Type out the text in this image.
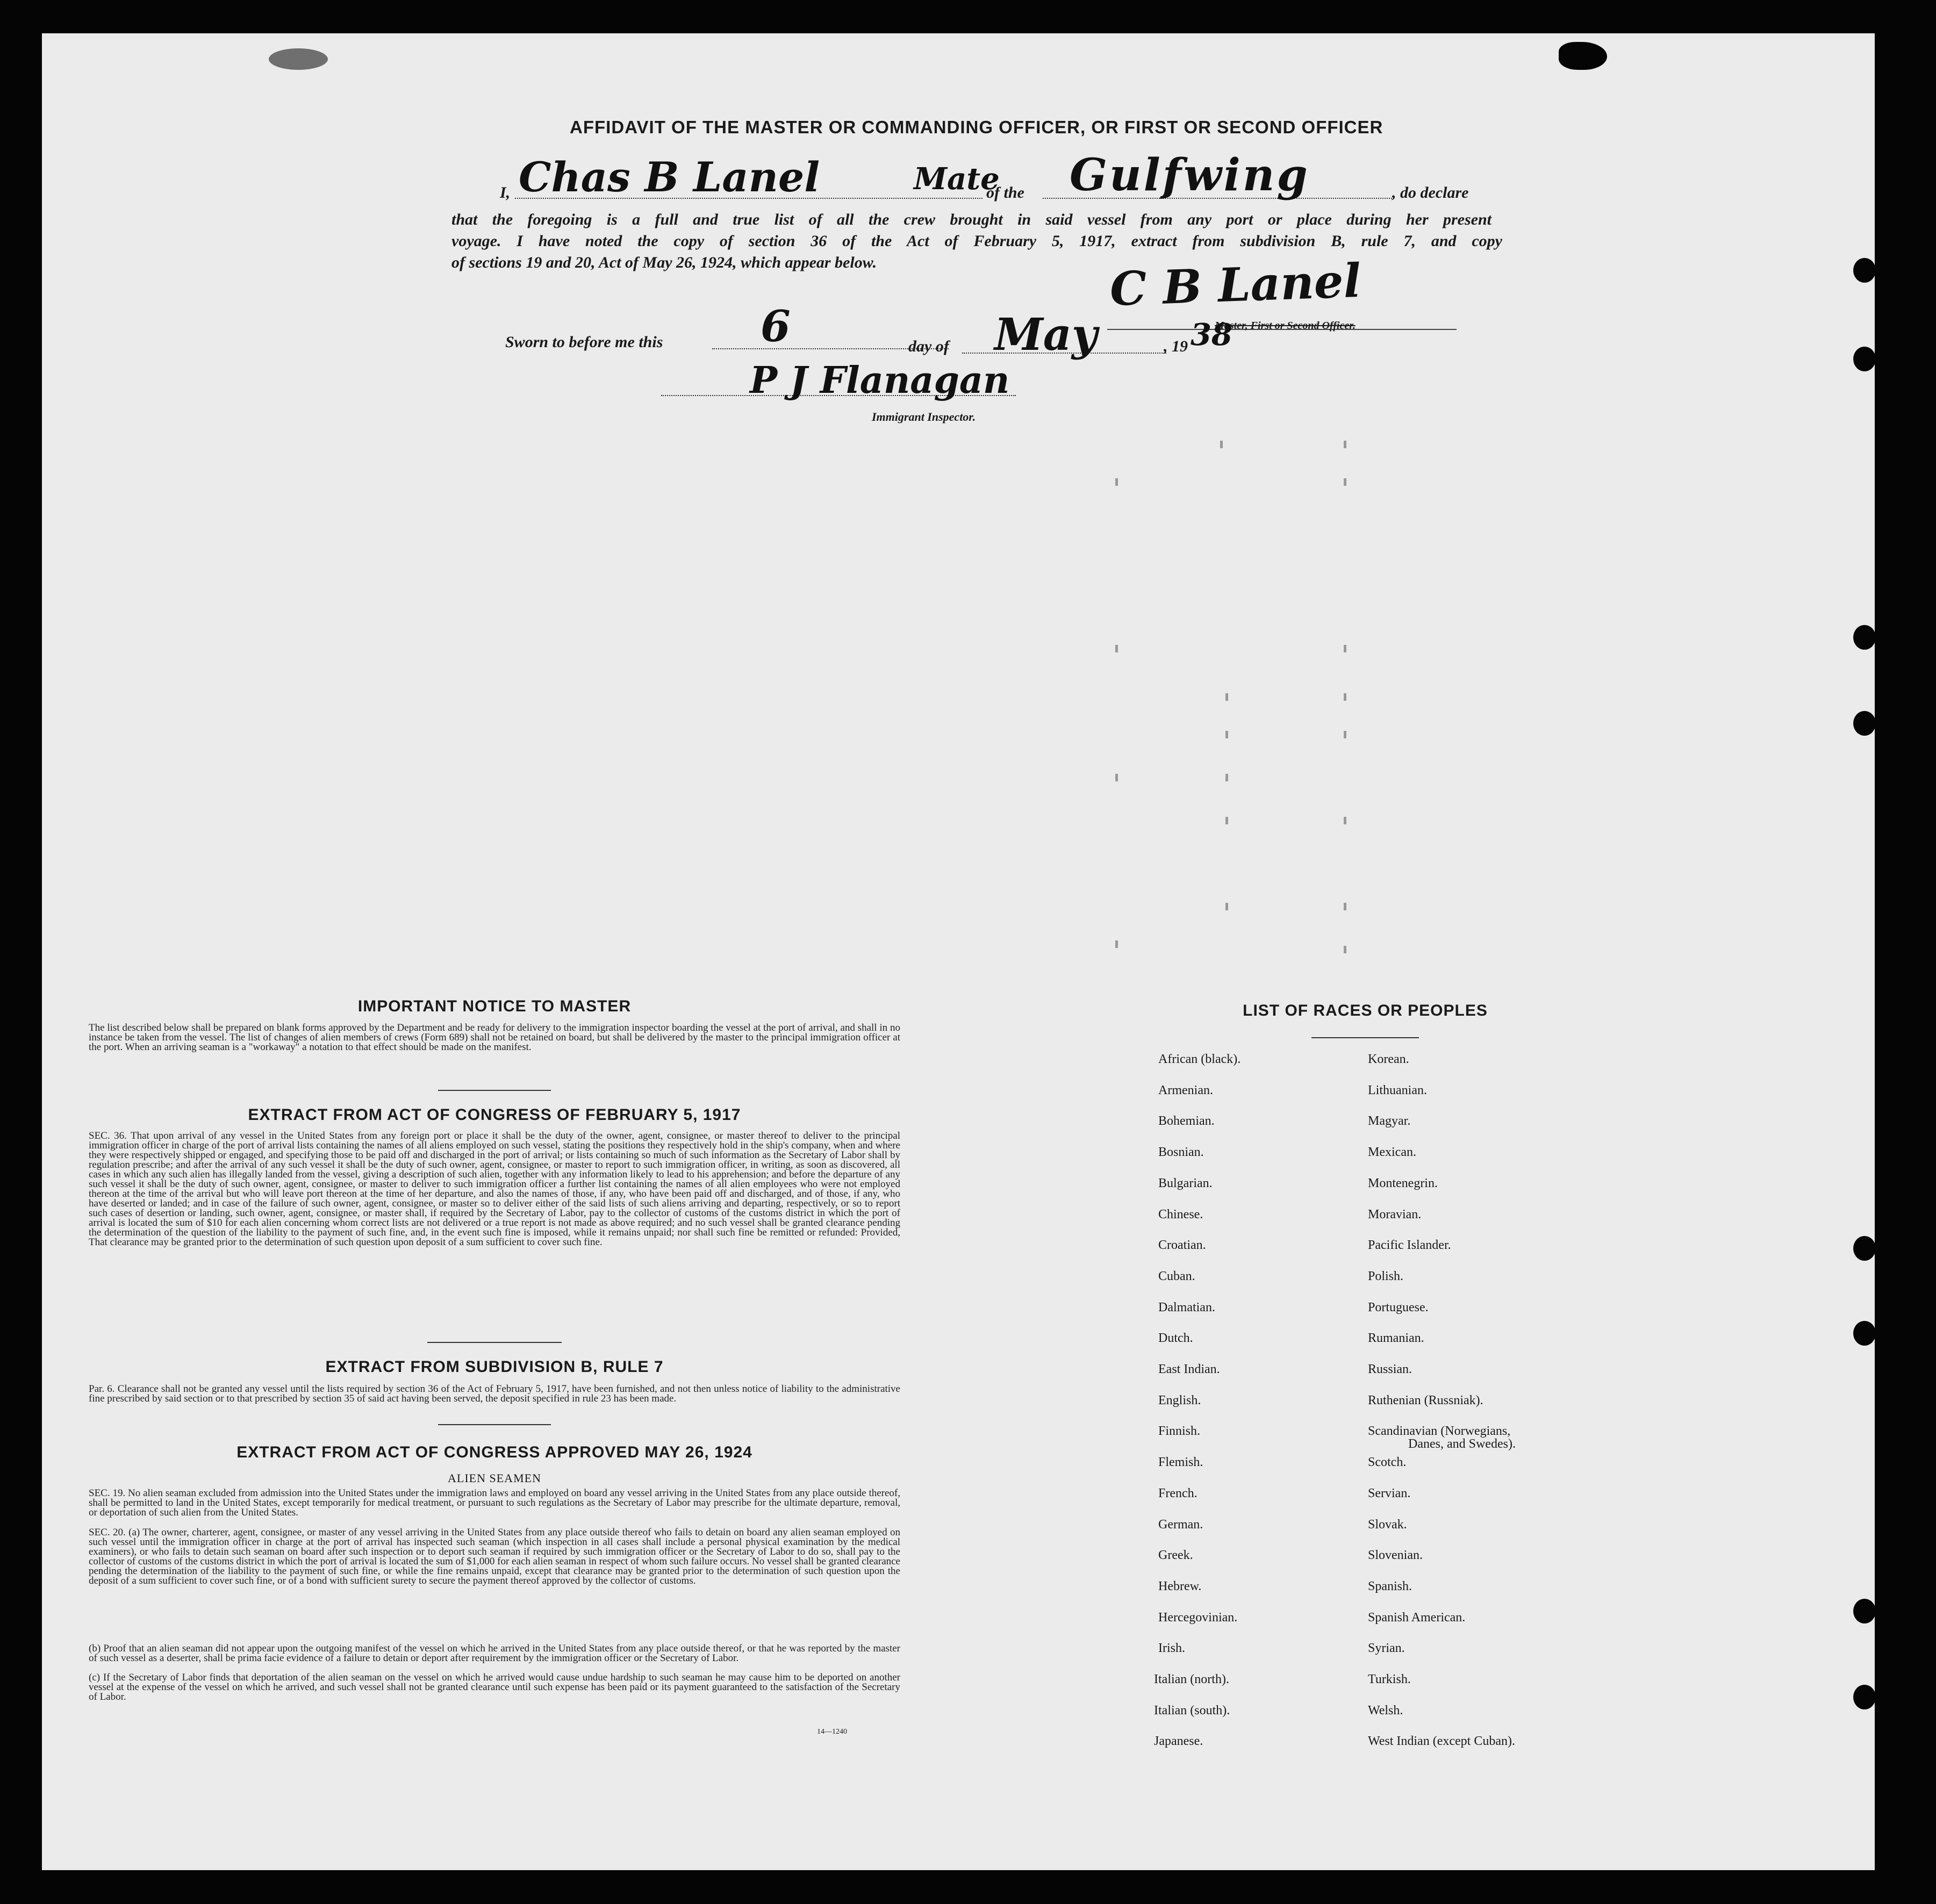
AFFIDAVIT OF THE MASTER OR COMMANDING OFFICER, OR FIRST OR SECOND OFFICER
I, Chas B Lanel	Mate
of the Gulfwing	, do declare
that the foregoing is a full and true list of all the crew brought in said vessel from any port or place during her present
voyage. I have noted the copy of section 36 of the Act of February 5, 1917, extract from subdivision B, rule 7, and copy
of sections 19 and 20, Act of May 26, 1924, which appear below.	C B Lanel
Master, First or Second Officer.
Sworn to before me this 6	day of May	, 19 38
P J Flanagan
Immigrant Inspector.
IMPORTANT NOTICE TO MASTER
The list described below shall be prepared on blank forms approved by the Department and be ready for delivery to the immigration inspector boarding the vessel at the port of arrival, and shall in no instance be taken from the vessel. The list of changes of alien members of crews (Form 689) shall not be retained on board, but shall be delivered by the master to the principal immigration officer at the port. When an arriving seaman is a "workaway" a notation to that effect should be made on the manifest.
EXTRACT FROM ACT OF CONGRESS OF FEBRUARY 5, 1917
SEC. 36. That upon arrival of any vessel in the United States from any foreign port or place it shall be the duty of the owner, agent, consignee, or master thereof to deliver to the principal immigration officer in charge of the port of arrival lists containing the names of all aliens employed on such vessel, stating the positions they respectively hold in the ship's company, when and where they were respectively shipped or engaged, and specifying those to be paid off and discharged in the port of arrival; or lists containing so much of such information as the Secretary of Labor shall by regulation prescribe; and after the arrival of any such vessel it shall be the duty of such owner, agent, consignee, or master to report to such immigration officer, in writing, as soon as discovered, all cases in which any such alien has illegally landed from the vessel, giving a description of such alien, together with any information likely to lead to his apprehension; and before the departure of any such vessel it shall be the duty of such owner, agent, consignee, or master to deliver to such immigration officer a further list containing the names of all alien employees who were not employed thereon at the time of the arrival but who will leave port thereon at the time of her departure, and also the names of those, if any, who have been paid off and discharged, and of those, if any, who have deserted or landed; and in case of the failure of such owner, agent, consignee, or master so to deliver either of the said lists of such aliens arriving and departing, respectively, or so to report such cases of desertion or landing, such owner, agent, consignee, or master shall, if required by the Secretary of Labor, pay to the collector of customs of the customs district in which the port of arrival is located the sum of $10 for each alien concerning whom correct lists are not delivered or a true report is not made as above required; and no such vessel shall be granted clearance pending the determination of the question of the liability to the payment of such fine, and, in the event such fine is imposed, while it remains unpaid; nor shall such fine be remitted or refunded: Provided, That clearance may be granted prior to the determination of such question upon deposit of a sum sufficient to cover such fine.
EXTRACT FROM SUBDIVISION B, RULE 7
Par. 6. Clearance shall not be granted any vessel until the lists required by section 36 of the Act of February 5, 1917, have been furnished, and not then unless notice of liability to the administrative fine prescribed by said section or to that prescribed by section 35 of said act having been served, the deposit specified in rule 23 has been made.
EXTRACT FROM ACT OF CONGRESS APPROVED MAY 26, 1924
ALIEN SEAMEN
SEC. 19. No alien seaman excluded from admission into the United States under the immigration laws and employed on board any vessel arriving in the United States from any place outside thereof, shall be permitted to land in the United States, except temporarily for medical treatment, or pursuant to such regulations as the Secretary of Labor may prescribe for the ultimate departure, removal, or deportation of such alien from the United States.
SEC. 20. (a) The owner, charterer, agent, consignee, or master of any vessel arriving in the United States from any place outside thereof who fails to detain on board any alien seaman employed on such vessel until the immigration officer in charge at the port of arrival has inspected such seaman (which inspection in all cases shall include a personal physical examination by the medical examiners), or who fails to detain such seaman on board after such inspection or to deport such seaman if required by such immigration officer or the Secretary of Labor to do so, shall pay to the collector of customs of the customs district in which the port of arrival is located the sum of $1,000 for each alien seaman in respect of whom such failure occurs. No vessel shall be granted clearance pending the determination of the liability to the payment of such fine, or while the fine remains unpaid, except that clearance may be granted prior to the determination of such question upon the deposit of a sum sufficient to cover such fine, or of a bond with sufficient surety to secure the payment thereof approved by the collector of customs.
(b) Proof that an alien seaman did not appear upon the outgoing manifest of the vessel on which he arrived in the United States from any place outside thereof, or that he was reported by the master of such vessel as a deserter, shall be prima facie evidence of a failure to detain or deport after requirement by the immigration officer or the Secretary of Labor.
(c) If the Secretary of Labor finds that deportation of the alien seaman on the vessel on which he arrived would cause undue hardship to such seaman he may cause him to be deported on another vessel at the expense of the vessel on which he arrived, and such vessel shall not be granted clearance until such expense has been paid or its payment guaranteed to the satisfaction of the Secretary of Labor.
14—1240
LIST OF RACES OR PEOPLES
African (black).
Armenian.
Bohemian.
Bosnian.
Bulgarian.
Chinese.
Croatian.
Cuban.
Dalmatian.
Dutch.
East Indian.
English.
Finnish.
Flemish.
French.
German.
Greek.
Hebrew.
Hercegovinian.
Irish.
Italian (north).
Italian (south).
Japanese.
Korean.
Lithuanian.
Magyar.
Mexican.
Montenegrin.
Moravian.
Pacific Islander.
Polish.
Portuguese.
Rumanian.
Russian.
Ruthenian (Russniak).
Scandinavian (Norwegians,
Scotch.
Servian.
Slovak.
Slovenian.
Spanish.
Spanish American.
Syrian.
Turkish.
Welsh.
West Indian (except Cuban).
Danes, and Swedes).
